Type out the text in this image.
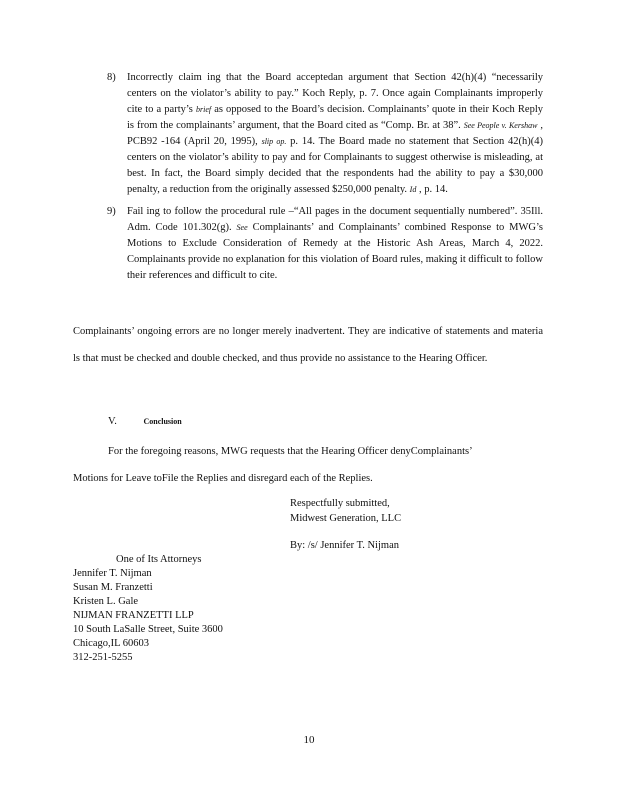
8)	Incorrectly claim ing that the Board acceptedan argument that Section 42(h)(4) “necessarily centers on the violator’s ability to pay.” Koch Reply, p. 7. Once again Complainants improperly cite to a party’s brief as opposed to the Board’s decision. Complainants’ quote in their Koch Reply is from the complainants’ argument, that the Board cited as “Comp. Br. at 38”. See People v. Kershaw , PCB92 -164 (April 20, 1995), slip op. p. 14. The Board made no statement that Section 42(h)(4) centers on the violator’s ability to pay and for Complainants to suggest otherwise is misleading, at best. In fact, the Board simply decided that the respondents had the ability to pay a $30,000 penalty, a reduction from the originally assessed $250,000 penalty. Id , p. 14.
9)	Fail ing to follow the procedural rule –“All pages in the document sequentially numbered”. 35Ill. Adm. Code 101.302(g). See Complainants’ and Complainants’ combined Response to MWG’s Motions to Exclude Consideration of Remedy at the Historic Ash Areas, March 4, 2022. Complainants provide no explanation for this violation of Board rules, making it difficult to follow their references and difficult to cite.
Complainants’ ongoing errors are no longer merely inadvertent. They are indicative of statements and materia ls that must be checked and double checked, and thus provide no assistance to the Hearing Officer.
V.	Conclusion
For the foregoing reasons, MWG requests that the Hearing Officer denyComplainants’
Motions for Leave toFile the Replies and disregard each of the Replies.
Respectfully submitted,
Midwest Generation, LLC
By: /s/ Jennifer T. Nijman
One of Its Attorneys
Jennifer T. Nijman
Susan M. Franzetti
Kristen L. Gale
NIJMAN FRANZETTI LLP
10 South LaSalle Street, Suite 3600
Chicago,IL 60603
312-251-5255
10
